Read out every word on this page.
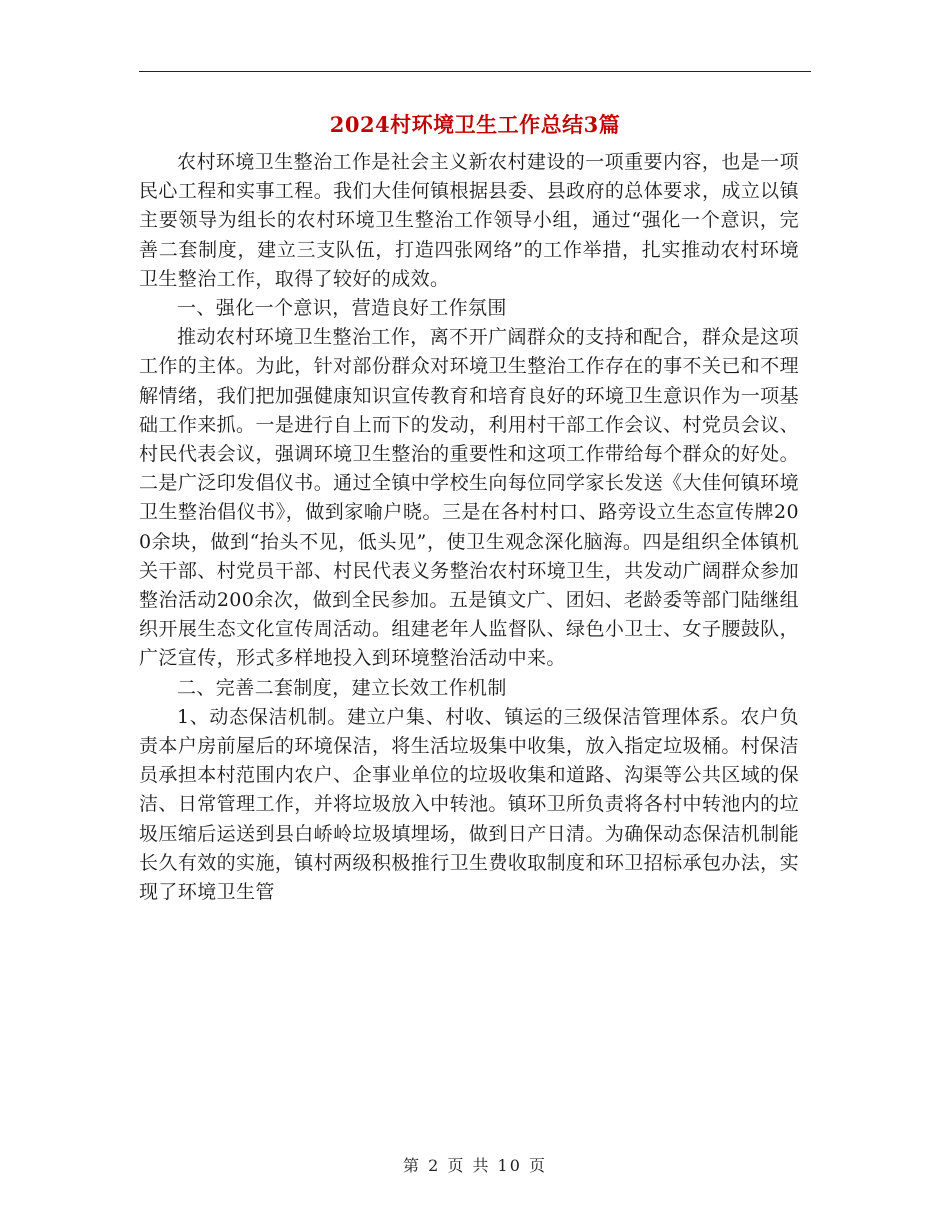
2024村环境卫生工作总结3篇

农村环境卫生整治工作是社会主义新农村建设的一项重要内容，也是一项民心工程和实事工程。我们大佳何镇根据县委、县政府的总体要求，成立以镇主要领导为组长的农村环境卫生整治工作领导小组，通过“强化一个意识，完善二套制度，建立三支队伍，打造四张网络”的工作举措，扎实推动农村环境卫生整治工作，取得了较好的成效。

一、强化一个意识，营造良好工作氛围

推动农村环境卫生整治工作，离不开广阔群众的支持和配合，群众是这项工作的主体。为此，针对部份群众对环境卫生整治工作存在的事不关已和不理解情绪，我们把加强健康知识宣传教育和培育良好的环境卫生意识作为一项基础工作来抓。一是进行自上而下的发动，利用村干部工作会议、村党员会议、村民代表会议，强调环境卫生整治的重要性和这项工作带给每个群众的好处。二是广泛印发倡仪书。通过全镇中学校生向每位同学家长发送《大佳何镇环境卫生整治倡仪书》，做到家喻户晓。三是在各村村口、路旁设立生态宣传牌200余块，做到“抬头不见，低头见”，使卫生观念深化脑海。四是组织全体镇机关干部、村党员干部、村民代表义务整治农村环境卫生，共发动广阔群众参加整治活动200余次，做到全民参加。五是镇文广、团妇、老龄委等部门陆继组织开展生态文化宣传周活动。组建老年人监督队、绿色小卫士、女子腰鼓队，广泛宣传，形式多样地投入到环境整治活动中来。

二、完善二套制度，建立长效工作机制

1、动态保洁机制。建立户集、村收、镇运的三级保洁管理体系。农户负责本户房前屋后的环境保洁，将生活垃圾集中收集，放入指定垃圾桶。村保洁员承担本村范围内农户、企事业单位的垃圾收集和道路、沟渠等公共区域的保洁、日常管理工作，并将垃圾放入中转池。镇环卫所负责将各村中转池内的垃圾压缩后运送到县白峤岭垃圾填埋场，做到日产日清。为确保动态保洁机制能长久有效的实施，镇村两级积极推行卫生费收取制度和环卫招标承包办法，实现了环境卫生管

第 2 页 共 10 页
